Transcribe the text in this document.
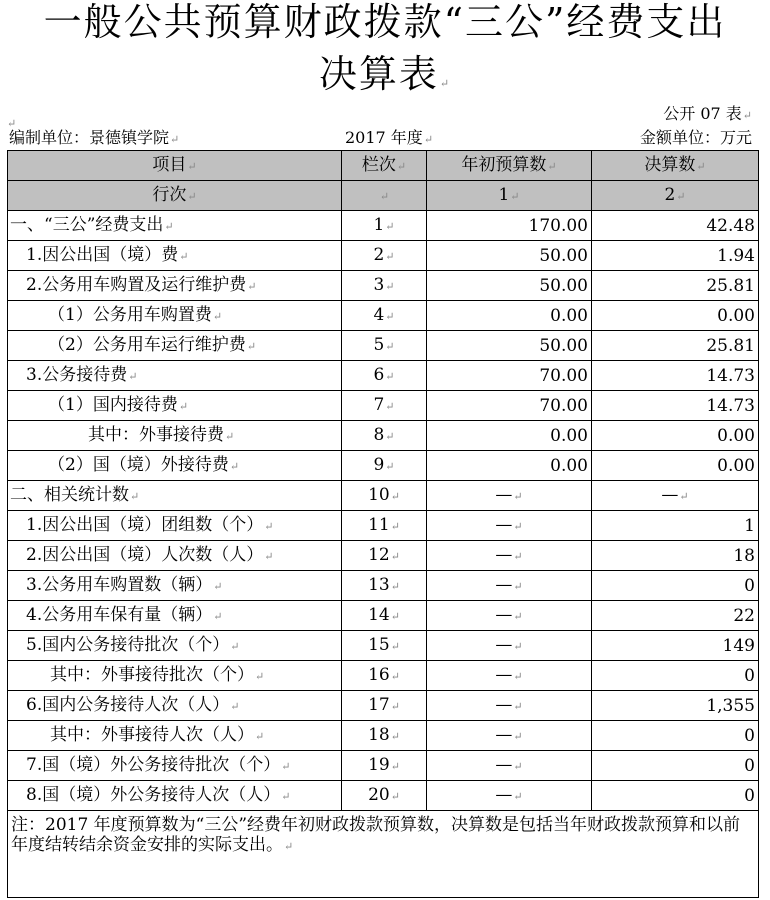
一般公共预算财政拨款“三公”经费支出
决算表↵
↵
公开 07 表↵
编制单位：景德镇学院↵	2017 年度↵	金额单位：万元
项目↵	栏次↵	年初预算数↵	决算数↵
行次↵	↵	1↵	2↵
一、“三公”经费支出↵	1↵	170.00	42.48
1.因公出国（境）费↵	2↵	50.00	1.94
2.公务用车购置及运行维护费↵	3↵	50.00	25.81
（1）公务用车购置费↵	4↵	0.00	0.00
（2）公务用车运行维护费↵	5↵	50.00	25.81
3.公务接待费↵	6↵	70.00	14.73
（1）国内接待费↵	7↵	70.00	14.73
其中：外事接待费↵	8↵	0.00	0.00
（2）国（境）外接待费↵	9↵	0.00	0.00
二、相关统计数↵	10↵	—↵	—↵
1.因公出国（境）团组数（个）↵	11↵	—↵	1
2.因公出国（境）人次数（人）↵	12↵	—↵	18
3.公务用车购置数（辆）↵	13↵	—↵	0
4.公务用车保有量（辆）↵	14↵	—↵	22
5.国内公务接待批次（个）↵	15↵	—↵	149
其中：外事接待批次（个）↵	16↵	—↵	0
6.国内公务接待人次（人）↵	17↵	—↵	1,355
其中：外事接待人次（人）↵	18↵	—↵	0
7.国（境）外公务接待批次（个）↵	19↵	—↵	0
8.国（境）外公务接待人次（人）↵	20↵	—↵	0
注：2017 年度预算数为“三公”经费年初财政拨款预算数，决算数是包括当年财政拨款预算和以前年度结转结余资金安排的实际支出。↵			
